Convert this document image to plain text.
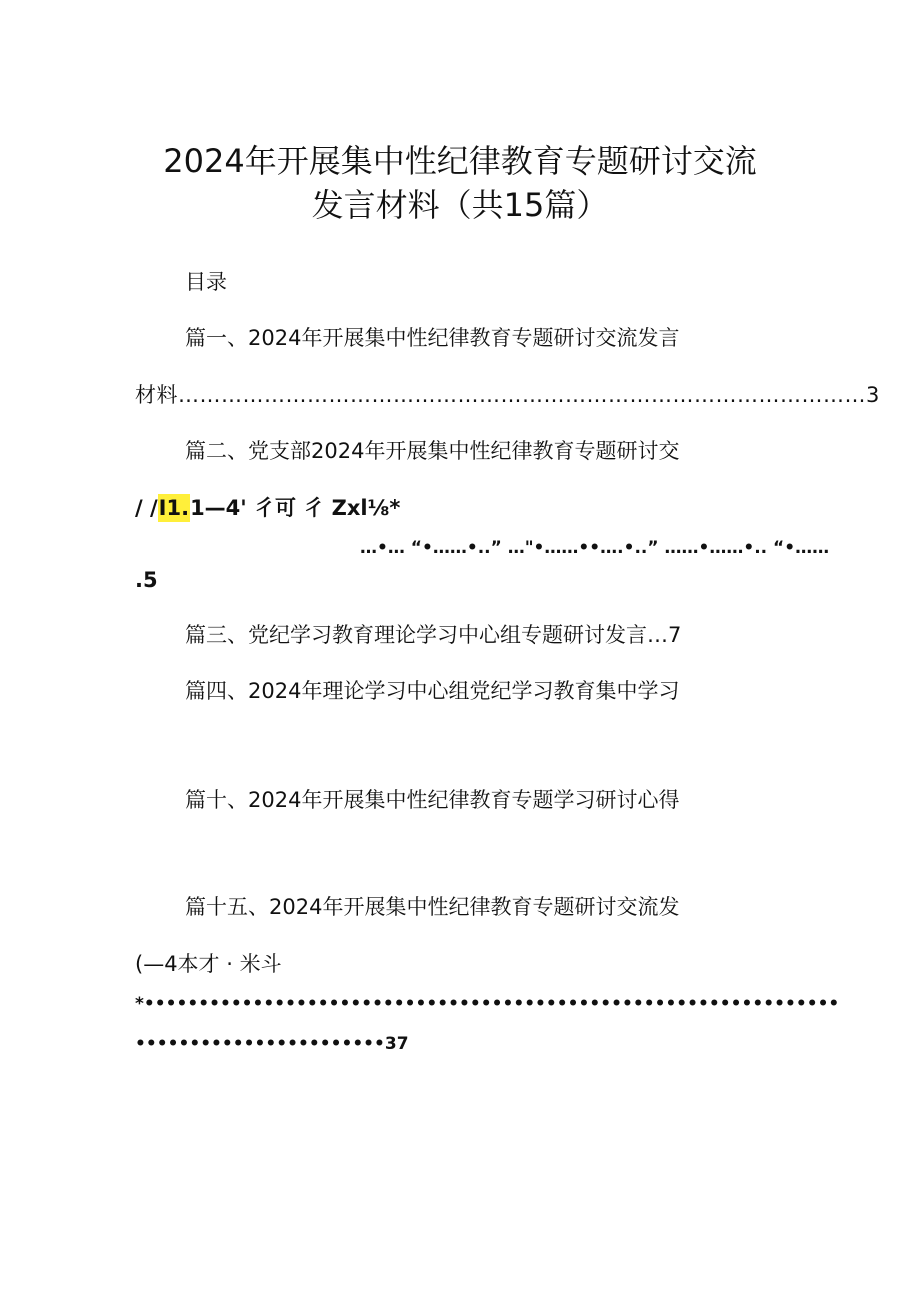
2024年开展集中性纪律教育专题研讨交流
发言材料（共15篇）
目录
篇一、2024年开展集中性纪律教育专题研讨交流发言
材料……………………………………………………………………………………3
篇二、党支部2024年开展集中性纪律教育专题研讨交
/ /I1.1—4' 彳可 彳 Zxl⅛*
…•… “•……•..” …"•……••….•..” ……•……•.. “•……
.5
篇三、党纪学习教育理论学习中心组专题研讨发言…7
篇四、2024年理论学习中心组党纪学习教育集中学习
篇十、2024年开展集中性纪律教育专题学习研讨心得
篇十五、2024年开展集中性纪律教育专题研讨交流发
(—4本才 · 米斗
*••••••••••••••••••••••••••••••••••••••••••••••••••••••••••••••••
•••••••••••••••••••••••37
